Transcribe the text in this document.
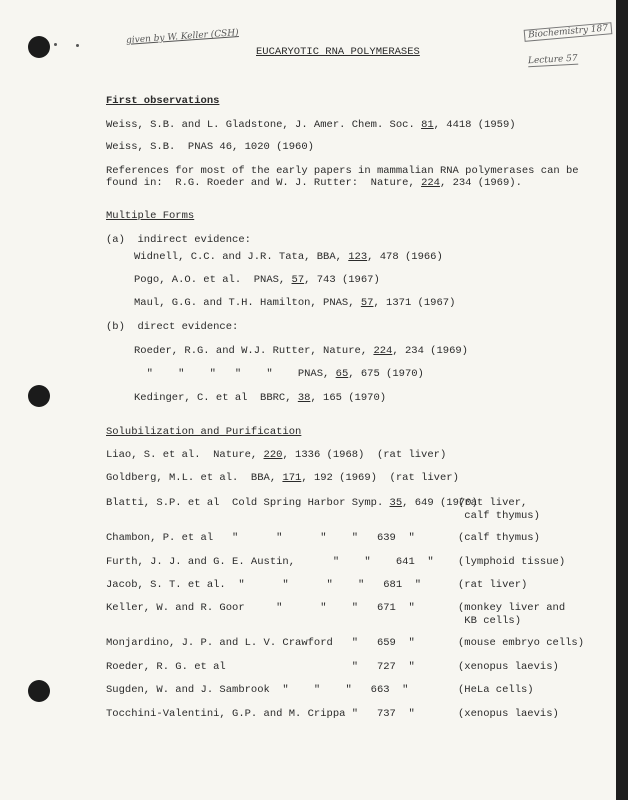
given by W. Keller (CSH)	Biochemistry 187
Lecture 57
EUCARYOTIC RNA POLYMERASES
First observations
Weiss, S.B. and L. Gladstone, J. Amer. Chem. Soc. 81, 4418 (1959)
Weiss, S.B.  PNAS 46, 1020 (1960)
References for most of the early papers in mammalian RNA polymerases can be
found in:  R.G. Roeder and W. J. Rutter:  Nature, 224, 234 (1969).
Multiple Forms
(a)  indirect evidence:
Widnell, C.C. and J.R. Tata, BBA, 123, 478 (1966)
Pogo, A.O. et al.  PNAS, 57, 743 (1967)
Maul, G.G. and T.H. Hamilton, PNAS, 57, 1371 (1967)
(b)  direct evidence:
Roeder, R.G. and W.J. Rutter, Nature, 224, 234 (1969)
"    "    "   "    "    PNAS, 65, 675 (1970)
Kedinger, C. et al  BBRC, 38, 165 (1970)
Solubilization and Purification
Liao, S. et al.  Nature, 220, 1336 (1968)  (rat liver)
Goldberg, M.L. et al.  BBA, 171, 192 (1969)  (rat liver)
Blatti, S.P. et al  Cold Spring Harbor Symp. 35, 649 (1970)
(rat liver,
calf thymus)
Chambon, P. et al   "      "      "    "   639  "	(calf thymus)
Furth, J. J. and G. E. Austin,      "    "    641  " (lymphoid tissue)
Jacob, S. T. et al.  "      "      "    "   681  "	(rat liver)
Keller, W. and R. Goor     "      "    "   671  "	(monkey liver and
KB cells)
Monjardino, J. P. and L. V. Crawford   "   659  "	(mouse embryo cells)
Roeder, R. G. et al                    "   727  "	(xenopus laevis)
Sugden, W. and J. Sambrook  "    "    "   663  "	(HeLa cells)
Tocchini-Valentini, G.P. and M. Crippa "   737  "	(xenopus laevis)
